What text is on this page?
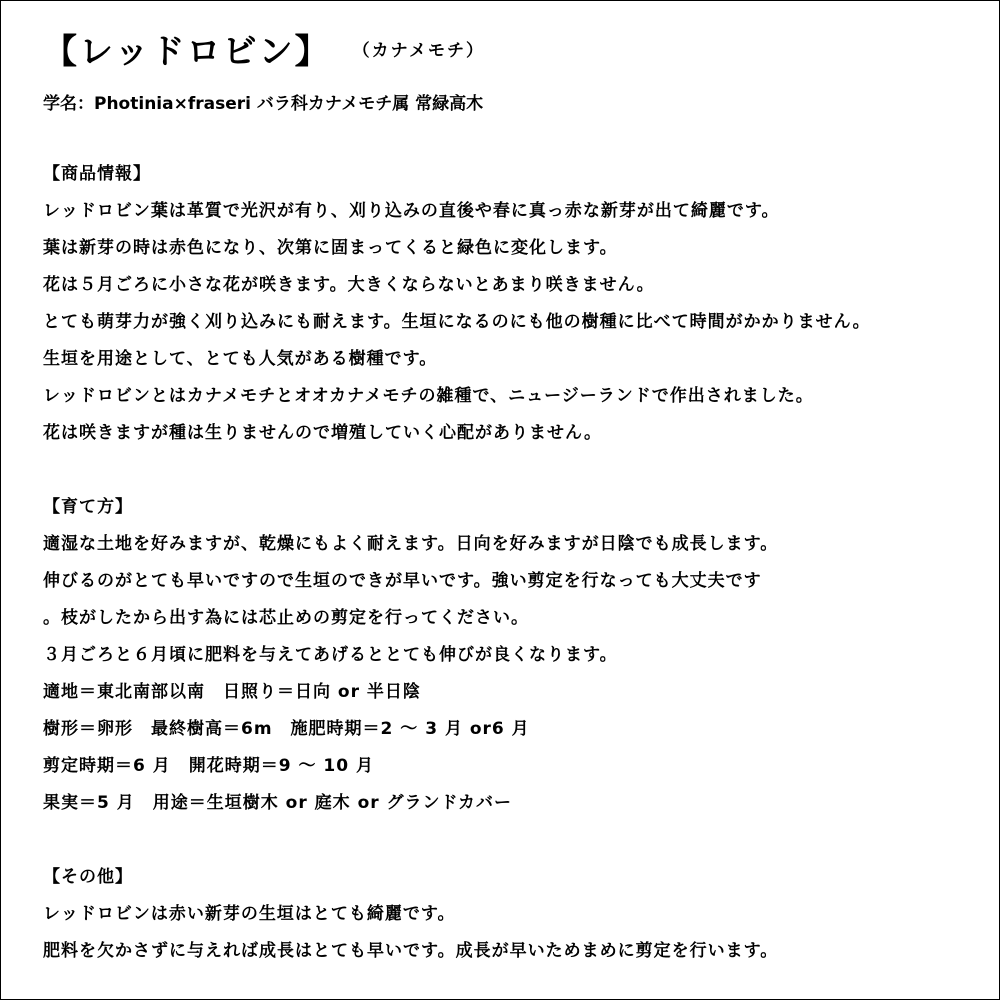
【レッドロビン】 （カナメモチ）
学名：Photinia×fraseri バラ科カナメモチ属 常緑高木
【商品情報】
レッドロビン葉は革質で光沢が有り、刈り込みの直後や春に真っ赤な新芽が出て綺麗です。
葉は新芽の時は赤色になり、次第に固まってくると緑色に変化します。
花は５月ごろに小さな花が咲きます。大きくならないとあまり咲きません。
とても萌芽力が強く刈り込みにも耐えます。生垣になるのにも他の樹種に比べて時間がかかりません。
生垣を用途として、とても人気がある樹種です。
レッドロビンとはカナメモチとオオカナメモチの雑種で、ニュージーランドで作出されました。
花は咲きますが種は生りませんので増殖していく心配がありません。
【育て方】
適湿な土地を好みますが、乾燥にもよく耐えます。日向を好みますが日陰でも成長します。
伸びるのがとても早いですので生垣のできが早いです。強い剪定を行なっても大丈夫です
。枝がしたから出す為には芯止めの剪定を行ってください。
３月ごろと６月頃に肥料を与えてあげるととても伸びが良くなります。
適地＝東北南部以南　日照り＝日向 or 半日陰
樹形＝卵形　最終樹高＝6m　施肥時期＝2 ～ 3 月 or6 月
剪定時期＝6 月　開花時期＝9 ～ 10 月
果実＝5 月　用途＝生垣樹木 or 庭木 or グランドカバー
【その他】
レッドロビンは赤い新芽の生垣はとても綺麗です。
肥料を欠かさずに与えれば成長はとても早いです。成長が早いためまめに剪定を行います。
